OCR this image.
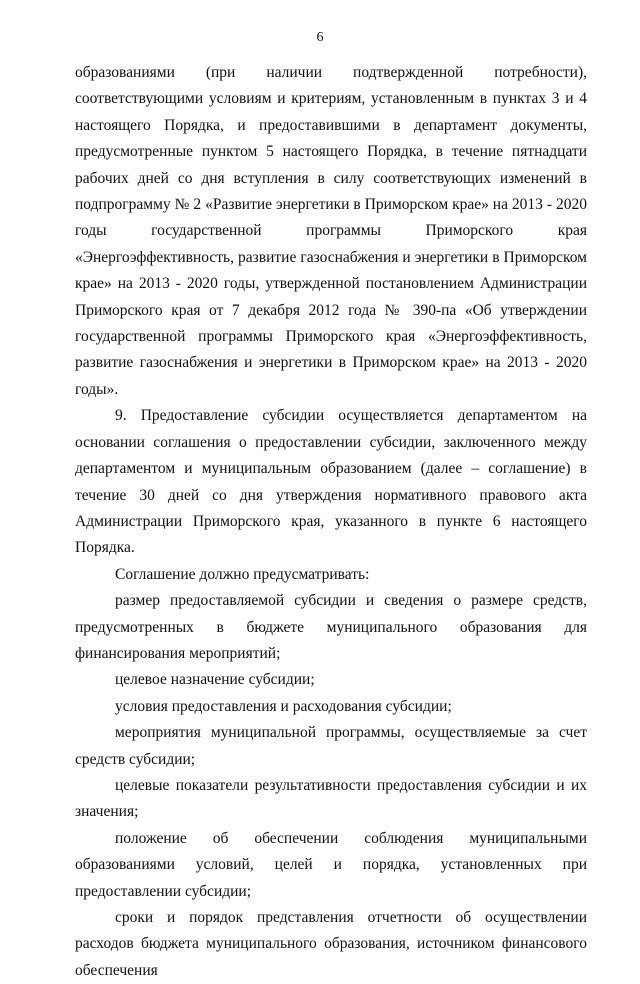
6

образованиями (при наличии подтвержденной потребности), соответствующими условиям и критериям, установленным в пунктах 3 и 4 настоящего Порядка, и предоставившими в департамент документы, предусмотренные пунктом 5 настоящего Порядка, в течение пятнадцати рабочих дней со дня вступления в силу соответствующих изменений в подпрограмму № 2 «Развитие энергетики в Приморском крае» на 2013 - 2020 годы государственной программы Приморского края «Энергоэффективность, развитие газоснабжения и энергетики в Приморском крае» на 2013 - 2020 годы, утвержденной постановлением Администрации Приморского края от 7 декабря 2012 года № 390-па «Об утверждении государственной программы Приморского края «Энергоэффективность, развитие газоснабжения и энергетики в Приморском крае» на 2013 - 2020 годы».

9. Предоставление субсидии осуществляется департаментом на основании соглашения о предоставлении субсидии, заключенного между департаментом и муниципальным образованием (далее – соглашение) в течение 30 дней со дня утверждения нормативного правового акта Администрации Приморского края, указанного в пункте 6 настоящего Порядка.

Соглашение должно предусматривать:

размер предоставляемой субсидии и сведения о размере средств, предусмотренных в бюджете муниципального образования для финансирования мероприятий;

целевое назначение субсидии;

условия предоставления и расходования субсидии;

мероприятия муниципальной программы, осуществляемые за счет средств субсидии;

целевые показатели результативности предоставления субсидии и их значения;

положение об обеспечении соблюдения муниципальными образованиями условий, целей и порядка, установленных при предоставлении субсидии;

сроки и порядок представления отчетности об осуществлении расходов бюджета муниципального образования, источником финансового обеспечения
